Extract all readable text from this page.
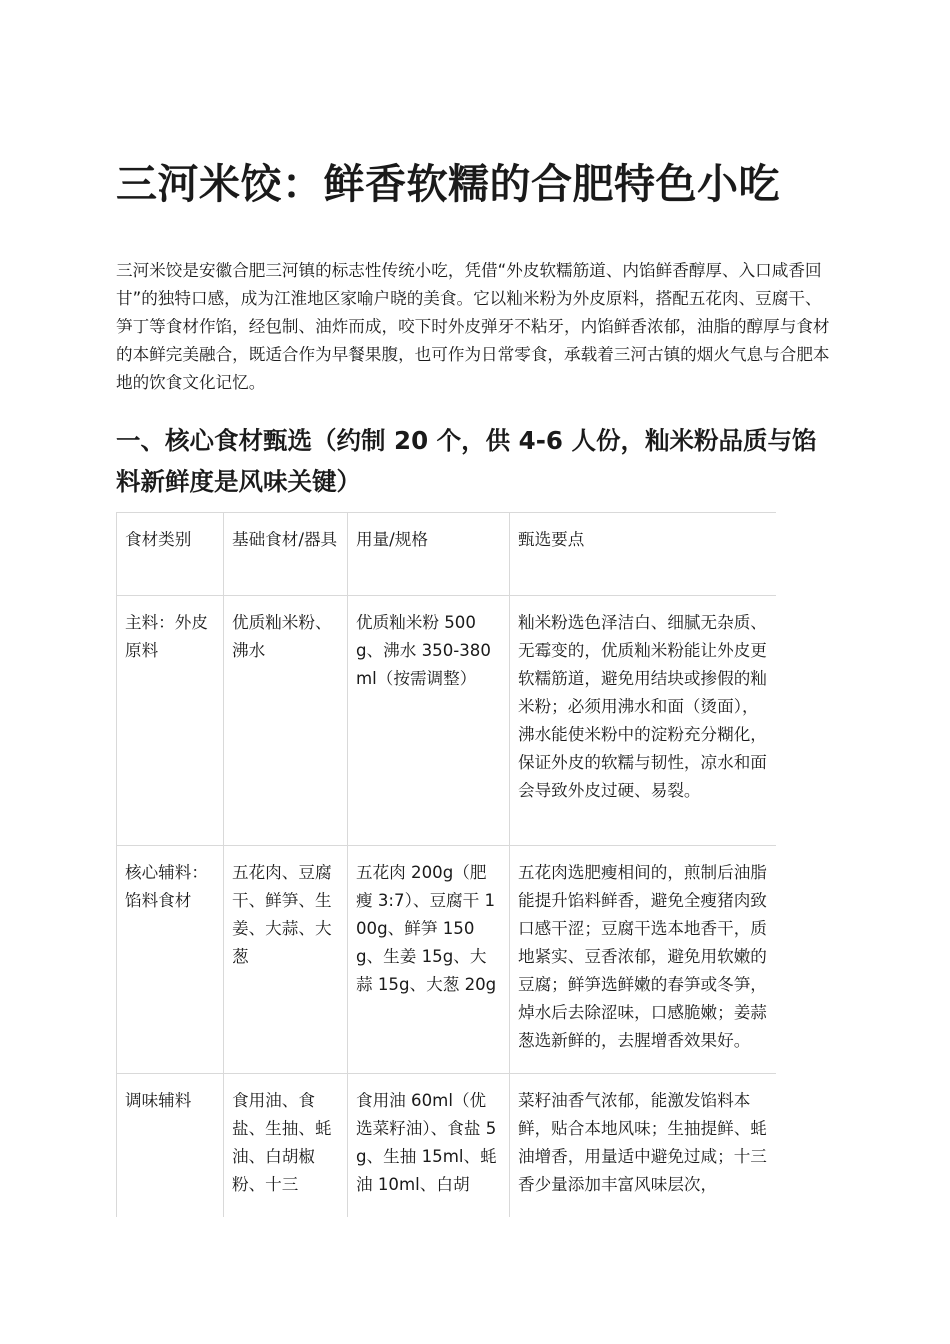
三河米饺：鲜香软糯的合肥特色小吃

三河米饺是安徽合肥三河镇的标志性传统小吃，凭借“外皮软糯筋道、内馅鲜香醇厚、入口咸香回甘”的独特口感，成为江淮地区家喻户晓的美食。它以籼米粉为外皮原料，搭配五花肉、豆腐干、笋丁等食材作馅，经包制、油炸而成，咬下时外皮弹牙不粘牙，内馅鲜香浓郁，油脂的醇厚与食材的本鲜完美融合，既适合作为早餐果腹，也可作为日常零食，承载着三河古镇的烟火气息与合肥本地的饮食文化记忆。

一、核心食材甄选（约制 20 个，供 4-6 人份，籼米粉品质与馅料新鲜度是风味关键）
食材类别	基础食材/器具	用量/规格	甄选要点
主料：外皮原料	优质籼米粉、沸水	优质籼米粉 500g、沸水 350-380ml（按需调整）	籼米粉选色泽洁白、细腻无杂质、无霉变的，优质籼米粉能让外皮更软糯筋道，避免用结块或掺假的籼米粉；必须用沸水和面（烫面），沸水能使米粉中的淀粉充分糊化，保证外皮的软糯与韧性，凉水和面会导致外皮过硬、易裂。
核心辅料：馅料食材	五花肉、豆腐干、鲜笋、生姜、大蒜、大葱	五花肉 200g（肥瘦 3:7）、豆腐干 100g、鲜笋 150g、生姜 15g、大蒜 15g、大葱 20g	五花肉选肥瘦相间的，煎制后油脂能提升馅料鲜香，避免全瘦猪肉致口感干涩；豆腐干选本地香干，质地紧实、豆香浓郁，避免用软嫩的豆腐；鲜笋选鲜嫩的春笋或冬笋，焯水后去除涩味，口感脆嫩；姜蒜葱选新鲜的，去腥增香效果好。
调味辅料	食用油、食盐、生抽、蚝油、白胡椒粉、十三	食用油 60ml（优选菜籽油）、食盐 5g、生抽 15ml、蚝油 10ml、白胡	菜籽油香气浓郁，能激发馅料本鲜，贴合本地风味；生抽提鲜、蚝油增香，用量适中避免过咸；十三香少量添加丰富风味层次，
